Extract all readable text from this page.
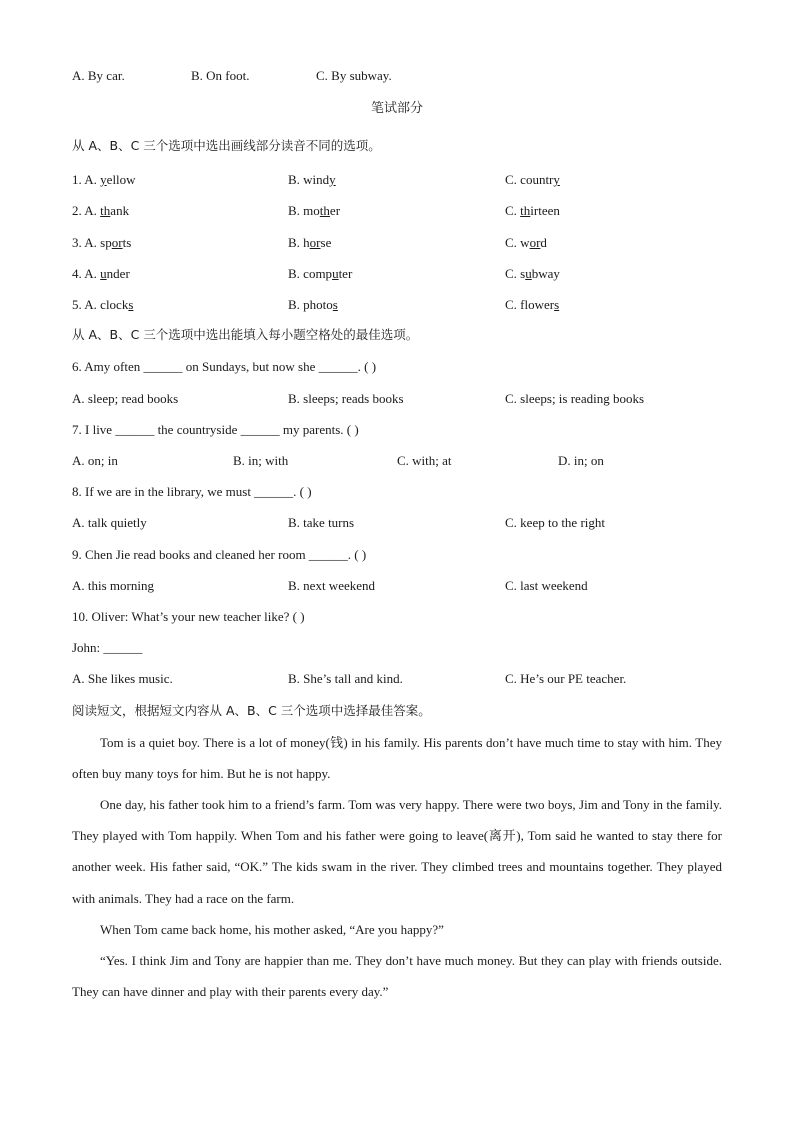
A. By car.	B. On foot.	C. By subway.
笔试部分
从 A、B、C 三个选项中选出画线部分读音不同的选项。
1. A. yellow	B. windy	C. country
2. A. thank	B. mother	C. thirteen
3. A. sports	B. horse	C. word
4. A. under	B. computer	C. subway
5. A. clocks	B. photos	C. flowers
从 A、B、C 三个选项中选出能填入每小题空格处的最佳选项。
6. Amy often ______ on Sundays, but now she ______. ( )
A. sleep; read books	B. sleeps; reads books	C. sleeps; is reading books
7. I live ______ the countryside ______ my parents. ( )
A. on; in	B. in; with	C. with; at	D. in; on
8. If we are in the library, we must ______. ( )
A. talk quietly	B. take turns	C. keep to the right
9. Chen Jie read books and cleaned her room ______. ( )
A. this morning	B. next weekend	C. last weekend
10. Oliver: What’s your new teacher like? ( )
John: ______
A. She likes music.	B. She’s tall and kind.	C. He’s our PE teacher.
阅读短文，根据短文内容从 A、B、C 三个选项中选择最佳答案。
Tom is a quiet boy. There is a lot of money(钱) in his family. His parents don’t have much time to stay with him. They often buy many toys for him. But he is not happy.
One day, his father took him to a friend’s farm. Tom was very happy. There were two boys, Jim and Tony in the family. They played with Tom happily. When Tom and his father were going to leave(离开), Tom said he wanted to stay there for another week. His father said, “OK.” The kids swam in the river. They climbed trees and mountains together. They played with animals. They had a race on the farm.
When Tom came back home, his mother asked, “Are you happy?”
“Yes. I think Jim and Tony are happier than me. They don’t have much money. But they can play with friends outside. They can have dinner and play with their parents every day.”
